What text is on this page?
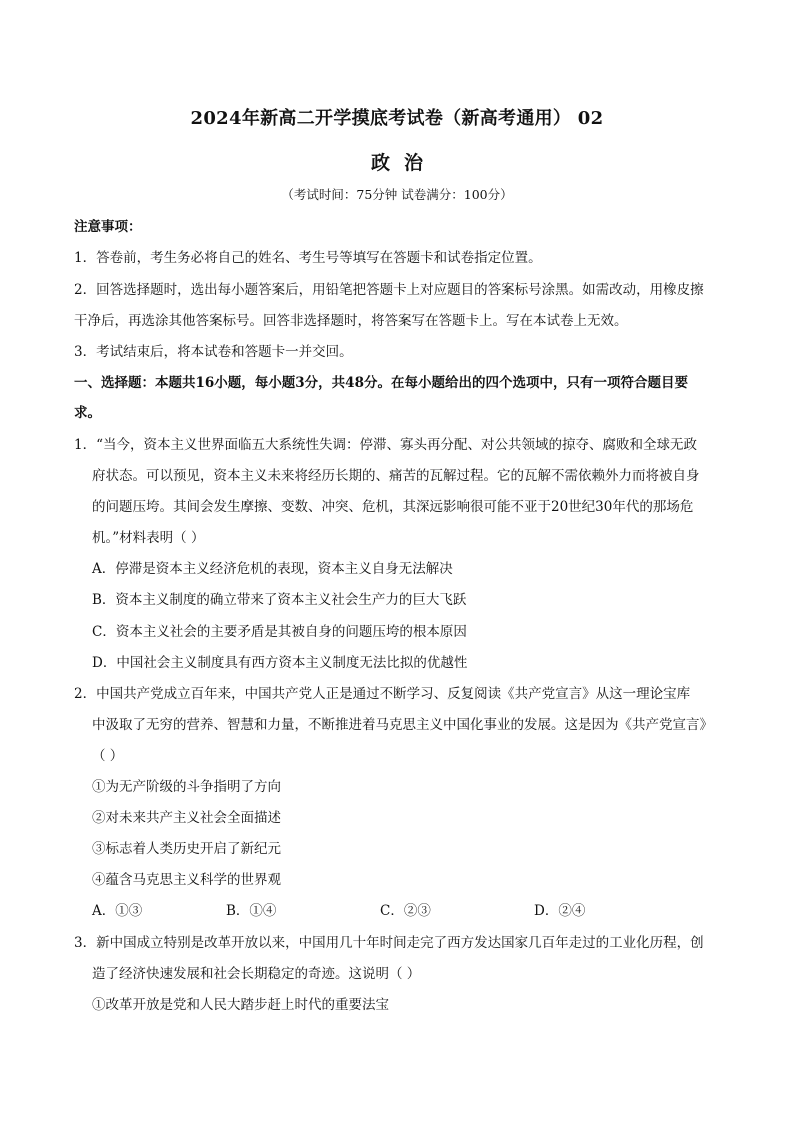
2024年新高二开学摸底考试卷（新高考通用） 02
政治
（考试时间：75分钟 试卷满分：100分）
注意事项：
1．答卷前，考生务必将自己的姓名、考生号等填写在答题卡和试卷指定位置。
2．回答选择题时，选出每小题答案后，用铅笔把答题卡上对应题目的答案标号涂黑。如需改动，用橡皮擦
干净后，再选涂其他答案标号。回答非选择题时，将答案写在答题卡上。写在本试卷上无效。
3．考试结束后，将本试卷和答题卡一并交回。
一、选择题：本题共16小题，每小题3分，共48分。在每小题给出的四个选项中，只有一项符合题目要
求。
1．“当今，资本主义世界面临五大系统性失调：停滞、寡头再分配、对公共领域的掠夺、腐败和全球无政
府状态。可以预见，资本主义未来将经历长期的、痛苦的瓦解过程。它的瓦解不需依赖外力而将被自身
的问题压垮。其间会发生摩擦、变数、冲突、危机，其深远影响很可能不亚于20世纪30年代的那场危
机。”材料表明（ ）
A．停滞是资本主义经济危机的表现，资本主义自身无法解决
B．资本主义制度的确立带来了资本主义社会生产力的巨大飞跃
C．资本主义社会的主要矛盾是其被自身的问题压垮的根本原因
D．中国社会主义制度具有西方资本主义制度无法比拟的优越性
2．中国共产党成立百年来，中国共产党人正是通过不断学习、反复阅读《共产党宣言》从这一理论宝库
中汲取了无穷的营养、智慧和力量，不断推进着马克思主义中国化事业的发展。这是因为《共产党宣言》
（ ）
①为无产阶级的斗争指明了方向
②对未来共产主义社会全面描述
③标志着人类历史开启了新纪元
④蕴含马克思主义科学的世界观
A．①③	B．①④	C．②③	D．②④
3．新中国成立特别是改革开放以来，中国用几十年时间走完了西方发达国家几百年走过的工业化历程，创
造了经济快速发展和社会长期稳定的奇迹。这说明（ ）
①改革开放是党和人民大踏步赶上时代的重要法宝
